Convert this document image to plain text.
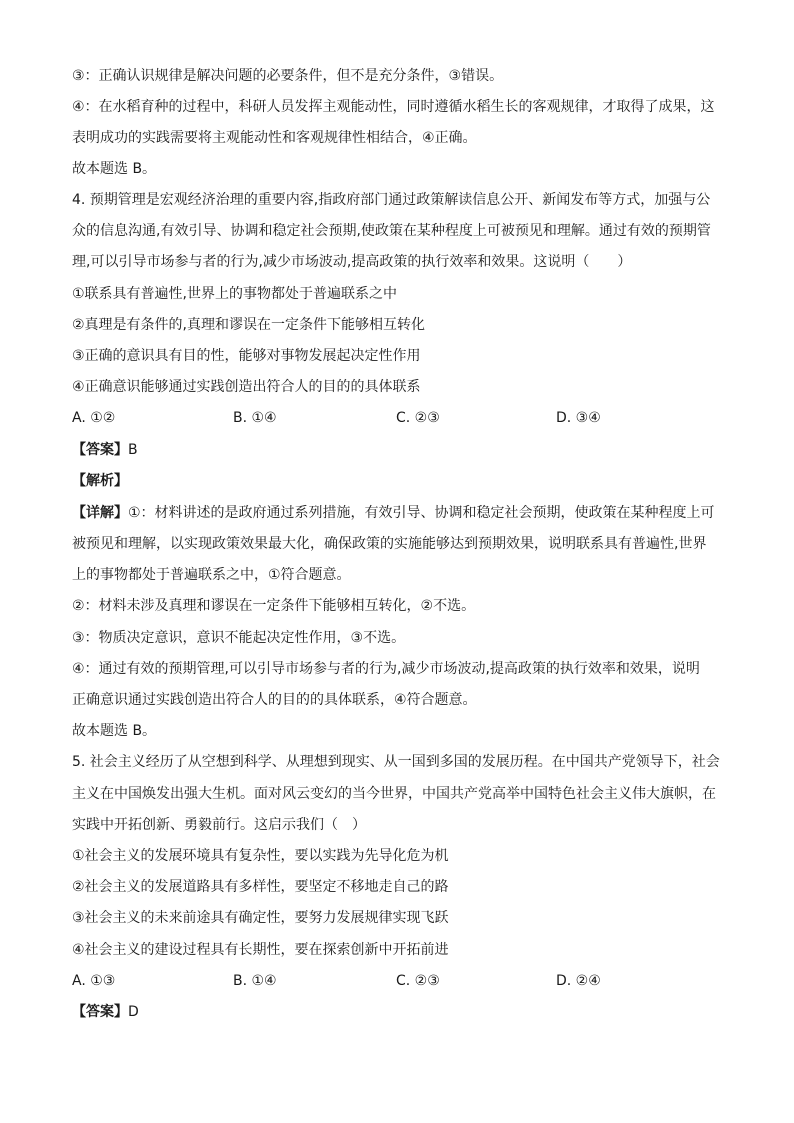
③：正确认识规律是解决问题的必要条件，但不是充分条件，③错误。
④：在水稻育种的过程中，科研人员发挥主观能动性，同时遵循水稻生长的客观规律，才取得了成果，这
表明成功的实践需要将主观能动性和客观规律性相结合，④正确。
故本题选 B。
4. 预期管理是宏观经济治理的重要内容,指政府部门通过政策解读信息公开、新闻发布等方式，加强与公
众的信息沟通,有效引导、协调和稳定社会预期,使政策在某种程度上可被预见和理解。通过有效的预期管
理,可以引导市场参与者的行为,减少市场波动,提高政策的执行效率和效果。这说明（　　）
①联系具有普遍性,世界上的事物都处于普遍联系之中
②真理是有条件的,真理和谬误在一定条件下能够相互转化
③正确的意识具有目的性，能够对事物发展起决定性作用
④正确意识能够通过实践创造出符合人的目的的具体联系
A. ①②	B. ①④	C. ②③	D. ③④
【答案】B
【解析】
【详解】①：材料讲述的是政府通过系列措施，有效引导、协调和稳定社会预期，使政策在某种程度上可
被预见和理解，以实现政策效果最大化，确保政策的实施能够达到预期效果，说明联系具有普遍性,世界
上的事物都处于普遍联系之中，①符合题意。
②：材料未涉及真理和谬误在一定条件下能够相互转化，②不选。
③：物质决定意识，意识不能起决定性作用，③不选。
④：通过有效的预期管理,可以引导市场参与者的行为,减少市场波动,提高政策的执行效率和效果，说明
正确意识通过实践创造出符合人的目的的具体联系，④符合题意。
故本题选 B。
5. 社会主义经历了从空想到科学、从理想到现实、从一国到多国的发展历程。在中国共产党领导下，社会
主义在中国焕发出强大生机。面对风云变幻的当今世界，中国共产党高举中国特色社会主义伟大旗帜，在
实践中开拓创新、勇毅前行。这启示我们（　）
①社会主义的发展环境具有复杂性，要以实践为先导化危为机
②社会主义的发展道路具有多样性，要坚定不移地走自己的路
③社会主义的未来前途具有确定性，要努力发展规律实现飞跃
④社会主义的建设过程具有长期性，要在探索创新中开拓前进
A. ①③	B. ①④	C. ②③	D. ②④
【答案】D
